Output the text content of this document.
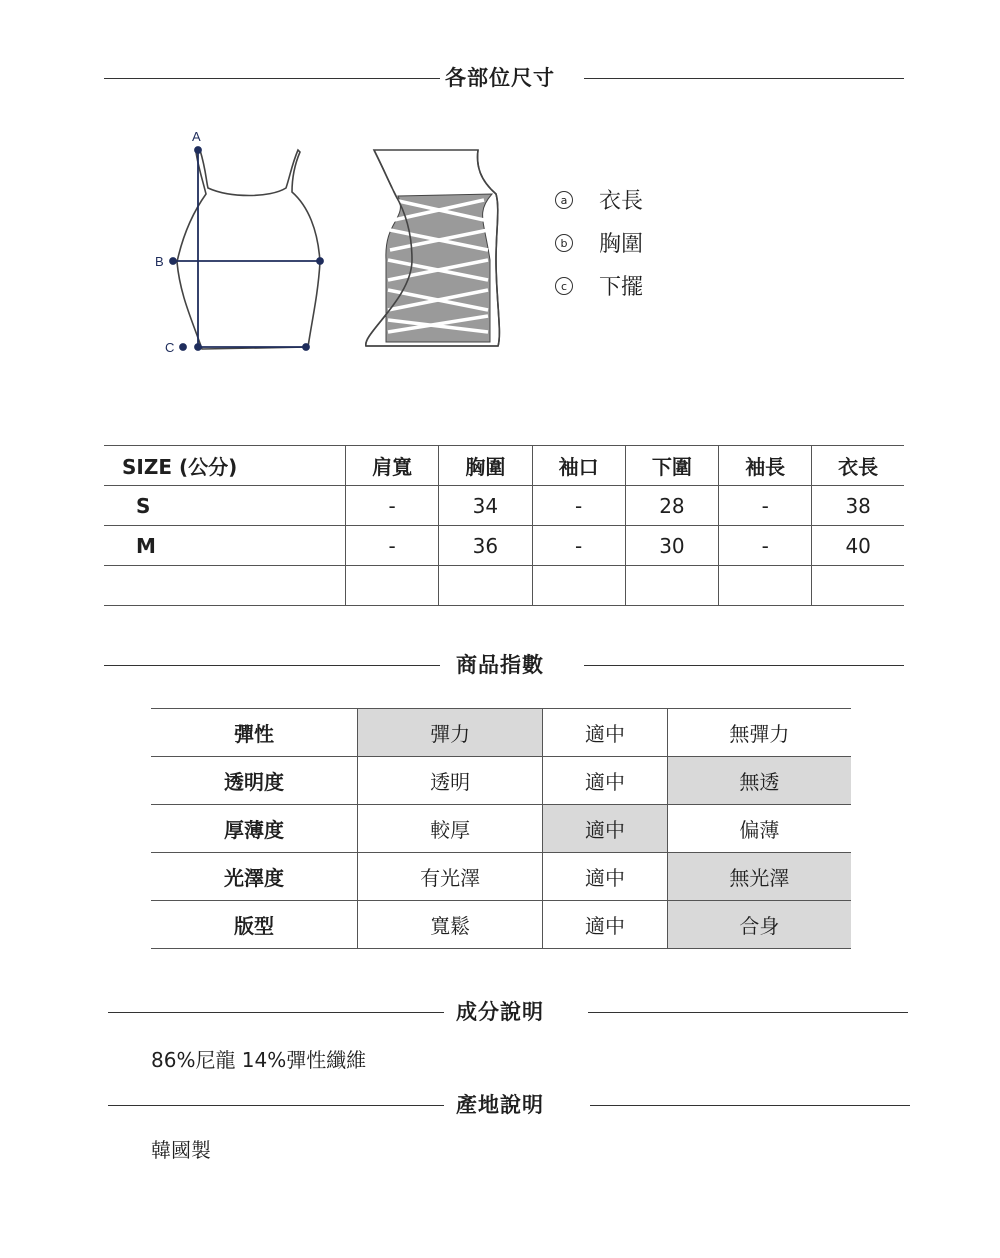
各部位尺寸
A
B
C
a 衣長
b 胸圍
c 下擺
SIZE (公分)	肩寬	胸圍	袖口	下圍	袖長	衣長
S	-	34	-	28	-	38
M	-	36	-	30	-	40

商品指數
彈性	彈力	適中	無彈力
透明度	透明	適中	無透
厚薄度	較厚	適中	偏薄
光澤度	有光澤	適中	無光澤
版型	寬鬆	適中	合身
成分說明
86%尼龍 14%彈性纖維
產地說明
韓國製
